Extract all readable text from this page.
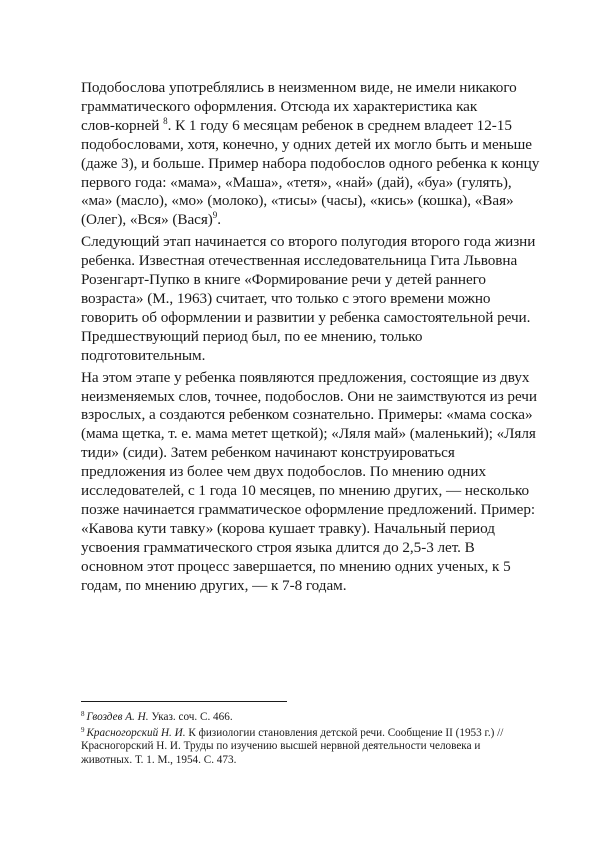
Подобослова употреблялись в неизменном виде, не имели никакого
грамматического оформления. Отсюда их характеристика как
слов-корней $^8$. К 1 году 6 месяцам ребенок в среднем владеет 12-15
подобословами, хотя, конечно, у одних детей их могло быть и меньше
(даже 3), и больше. Пример набора подобослов одного ребенка к концу
первого года: «мама», «Маша», «тетя», «най» (дай), «буа» (гулять),
«ма» (масло), «мо» (молоко), «тисы» (часы), «кись» (кошка), «Вая»
(Олег), «Вся» (Вася)$^9$.

Следующий этап начинается со второго полугодия второго года жизни
ребенка. Известная отечественная исследовательница Гита Львовна
Розенгарт-Пупко в книге «Формирование речи у детей раннего
возраста» (М., 1963) считает, что только с этого времени можно
говорить об оформлении и развитии у ребенка самостоятельной речи.
Предшествующий период был, по ее мнению, только
подготовительным.

На этом этапе у ребенка появляются предложения, состоящие из двух
неизменяемых слов, точнее, подобослов. Они не заимствуются из речи
взрослых, а создаются ребенком сознательно. Примеры: «мама соска»
(мама щетка, т. е. мама метет щеткой); «Ляля май» (маленький); «Ляля
тиди» (сиди). Затем ребенком начинают конструироваться
предложения из более чем двух подобослов. По мнению одних
исследователей, с 1 года 10 месяцев, по мнению других, — несколько
позже начинается грамматическое оформление предложений. Пример:
«Кавова кути тавку» (корова кушает травку). Начальный период
усвоения грамматического строя языка длится до 2,5-3 лет. В
основном этот процесс завершается, по мнению одних ученых, к 5
годам, по мнению других, — к 7-8 годам.

$^8$ Гвоздев А. Н. Указ. соч. С. 466.
$^9$ Красногорский Н. И. К физиологии становления детской речи. Сообщение II (1953 г.) //
Красногорский Н. И. Труды по изучению высшей нервной деятельности человека и
животных. Т. 1. М., 1954. С. 473.
